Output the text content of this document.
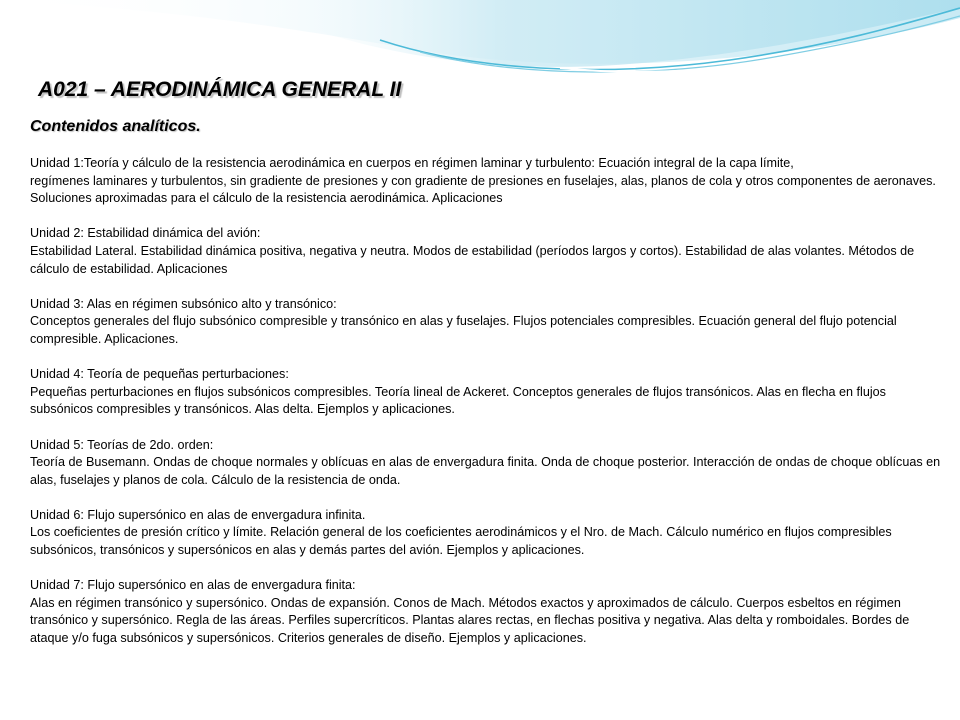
A021 – AERODINÁMICA GENERAL II
Contenidos analíticos.

Unidad 1:Teoría y cálculo de la resistencia aerodinámica en cuerpos en régimen laminar y turbulento: Ecuación integral de la capa límite,

regímenes laminares y turbulentos, sin gradiente de presiones y con gradiente de presiones en fuselajes, alas, planos de cola y otros componentes de aeronaves. Soluciones aproximadas para el cálculo de la resistencia aerodinámica. Aplicaciones

Unidad 2: Estabilidad dinámica del avión:

Estabilidad Lateral. Estabilidad dinámica positiva, negativa y neutra. Modos de estabilidad (períodos largos y cortos). Estabilidad de alas volantes. Métodos de cálculo de estabilidad. Aplicaciones

Unidad 3: Alas en régimen subsónico alto y transónico:

Conceptos generales del flujo subsónico compresible y transónico en alas y fuselajes. Flujos potenciales compresibles. Ecuación general del flujo potencial compresible. Aplicaciones.

Unidad 4: Teoría de pequeñas perturbaciones:

Pequeñas perturbaciones en flujos subsónicos compresibles. Teoría lineal de Ackeret. Conceptos generales de flujos transónicos. Alas en flecha en flujos subsónicos compresibles y transónicos. Alas delta. Ejemplos y aplicaciones.

Unidad 5: Teorías de 2do. orden:

Teoría de Busemann. Ondas de choque normales y oblícuas en alas de envergadura finita. Onda de choque posterior. Interacción de ondas de choque oblícuas en alas, fuselajes y planos de cola. Cálculo de la resistencia de onda.

Unidad 6: Flujo supersónico en alas de envergadura infinita.

Los coeficientes de presión crítico y límite. Relación general de los coeficientes aerodinámicos y el Nro. de Mach. Cálculo numérico en flujos compresibles subsónicos, transónicos y supersónicos en alas y demás partes del avión. Ejemplos y aplicaciones.

Unidad 7: Flujo supersónico en alas de envergadura finita:

Alas en régimen transónico y supersónico. Ondas de expansión. Conos de Mach. Métodos exactos y aproximados de cálculo. Cuerpos esbeltos en régimen transónico y supersónico. Regla de las áreas. Perfiles supercríticos. Plantas alares rectas, en flechas positiva y negativa. Alas delta y romboidales. Bordes de ataque y/o fuga subsónicos y supersónicos. Criterios generales de diseño. Ejemplos y aplicaciones.
